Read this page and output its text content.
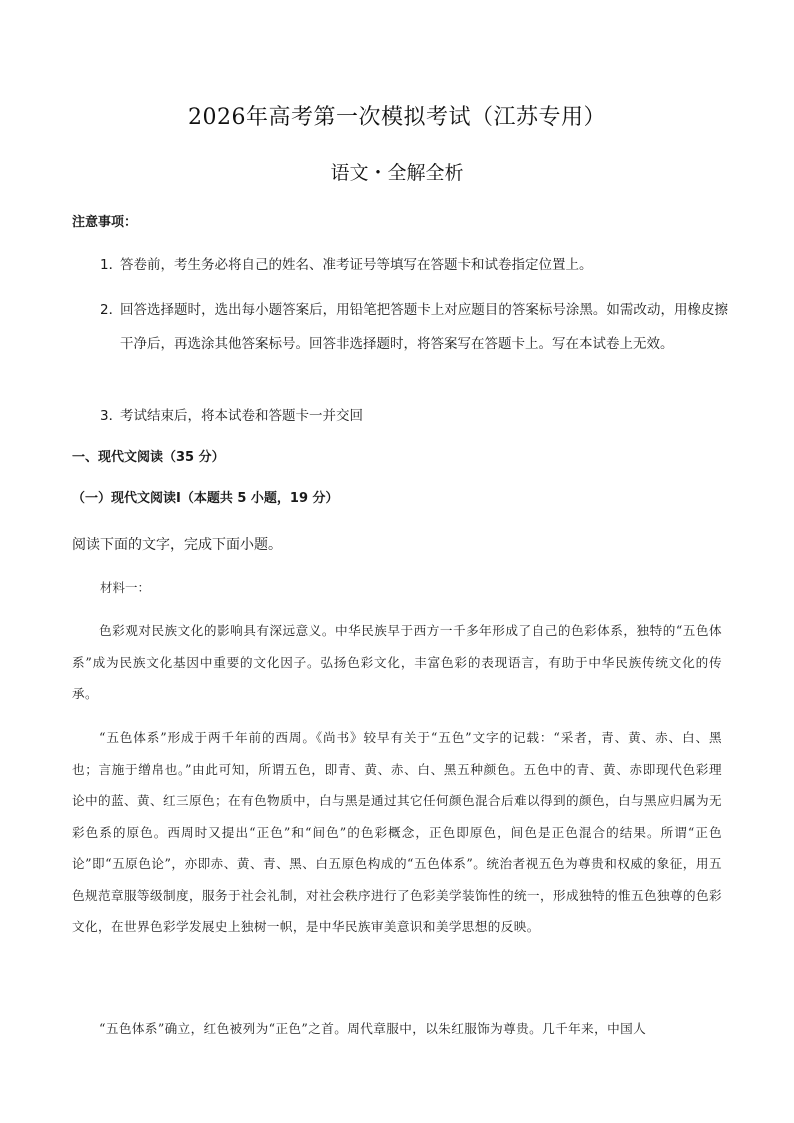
2026年高考第一次模拟考试（江苏专用）
语文・全解全析
注意事项：
1．答卷前，考生务必将自己的姓名、准考证号等填写在答题卡和试卷指定位置上。
2．
回答选择题时，选出每小题答案后，用铅笔把答题卡上对应题目的答案标号涂黑。如需改动，用橡皮擦干净后，再选涂其他答案标号。回答非选择题时，将答案写在答题卡上。写在本试卷上无效。
3．考试结束后，将本试卷和答题卡一并交回
一、现代文阅读（35 分）
（一）现代文阅读Ⅰ（本题共 5 小题，19 分）
阅读下面的文字，完成下面小题。
材料一：
色彩观对民族文化的影响具有深远意义。中华民族早于西方一千多年形成了自己的色彩体系，独特的“五色体系”成为民族文化基因中重要的文化因子。弘扬色彩文化，丰富色彩的表现语言，有助于中华民族传统文化的传承。
“五色体系”形成于两千年前的西周。《尚书》较早有关于“五色”文字的记载：“采者，青、黄、赤、白、黑也；言施于缯帛也。”由此可知，所谓五色，即青、黄、赤、白、黑五种颜色。五色中的青、黄、赤即现代色彩理论中的蓝、黄、红三原色；在有色物质中，白与黑是通过其它任何颜色混合后难以得到的颜色，白与黑应归属为无彩色系的原色。西周时又提出“正色”和“间色”的色彩概念，正色即原色，间色是正色混合的结果。所谓“正色论”即“五原色论”，亦即赤、黄、青、黑、白五原色构成的“五色体系”。统治者视五色为尊贵和权威的象征，用五色规范章服等级制度，服务于社会礼制，对社会秩序进行了色彩美学装饰性的统一，形成独特的惟五色独尊的色彩文化，在世界色彩学发展史上独树一帜，是中华民族审美意识和美学思想的反映。
“五色体系”确立，红色被列为“正色”之首。周代章服中，以朱红服饰为尊贵。几千年来，中国人
